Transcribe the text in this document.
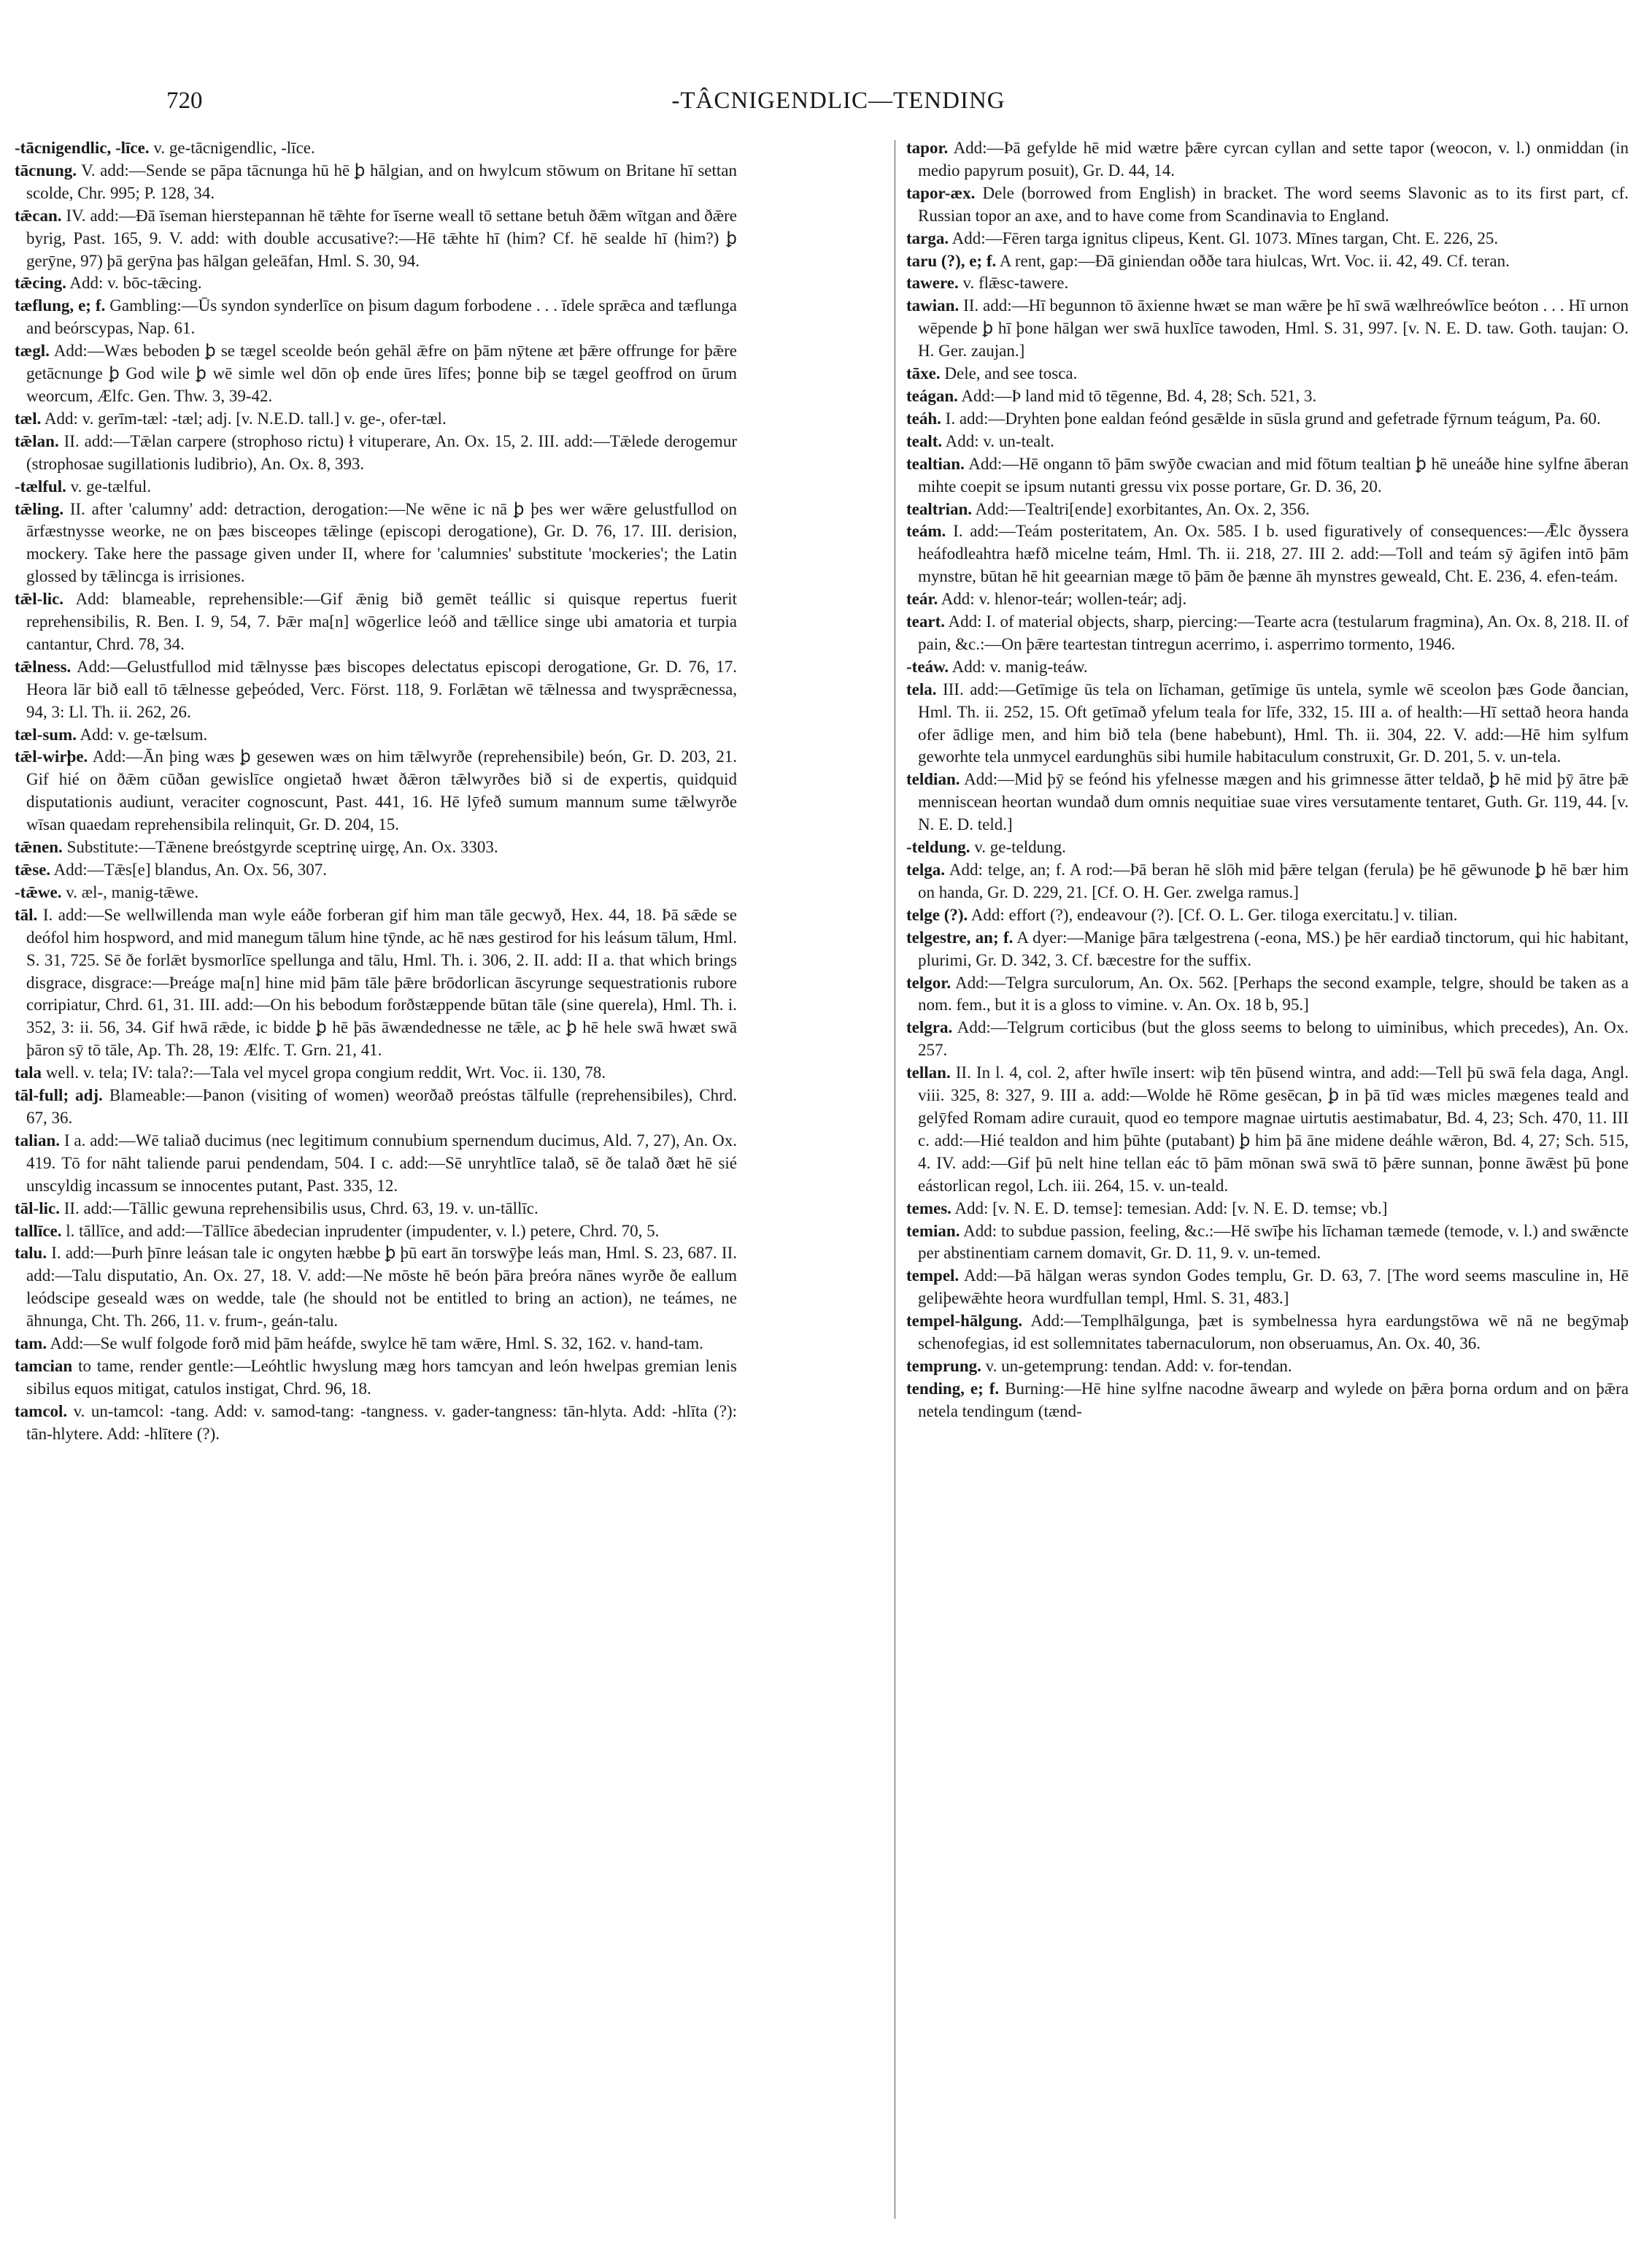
720	-TÂCNIGENDLIC—TENDING

-tācnigendlic, -līce. v. ge-tācnigendlic, -līce.

tācnung. V. add:—Sende se pāpa tācnunga hū hē ꝧ hālgian, and on hwylcum stōwum on Britane hī settan scolde, Chr. 995; P. 128, 34.

tǣcan. IV. add:—Ðā īseman hierstepannan hē tǣhte for īserne weall tō settane betuh ðǣm wītgan and ðǣre byrig, Past. 165, 9. V. add: with double accusative?:—Hē tǣhte hī (him? Cf. hē sealde hī (him?) ꝧ gerȳne, 97) þā gerȳna þas hālgan geleāfan, Hml. S. 30, 94.

tǣcing. Add: v. bōc-tǣcing.

tæflung, e; f. Gambling:—Ūs syndon synderlīce on þisum dagum forbodene . . . īdele sprǣca and tæflunga and beórscypas, Nap. 61.

tægl. Add:—Wæs beboden ꝧ se tægel sceolde beón gehāl ǣfre on þām nȳtene æt þǣre offrunge for þǣre getācnunge ꝧ God wile ꝧ wē simle wel dōn oþ ende ūres līfes; þonne biþ se tægel geoffrod on ūrum weorcum, Ælfc. Gen. Thw. 3, 39-42.

tæl. Add: v. gerīm-tæl: -tæl; adj. [v. N.E.D. tall.] v. ge-, ofer-tæl.

tǣlan. II. add:—Tǣlan carpere (strophoso rictu) ł vituperare, An. Ox. 15, 2. III. add:—Tǣlede derogemur (strophosae sugillationis ludibrio), An. Ox. 8, 393.

-tælful. v. ge-tælful.

tǣling. II. after 'calumny' add: detraction, derogation:—Ne wēne ic nā ꝧ þes wer wǣre gelustfullod on ārfæstnysse weorke, ne on þæs bisceopes tǣlinge (episcopi derogatione), Gr. D. 76, 17. III. derision, mockery. Take here the passage given under II, where for 'calumnies' substitute 'mockeries'; the Latin glossed by tǣlincga is irrisiones.

tǣl-lic. Add: blameable, reprehensible:—Gif ǣnig bið gemēt teállic si quisque repertus fuerit reprehensibilis, R. Ben. I. 9, 54, 7. Þǣr ma[n] wōgerlice leóð and tǣllice singe ubi amatoria et turpia cantantur, Chrd. 78, 34.

tǣlness. Add:—Gelustfullod mid tǣlnysse þæs biscopes delectatus episcopi derogatione, Gr. D. 76, 17. Heora lār bið eall tō tǣlnesse geþeóded, Verc. Först. 118, 9. Forlǣtan wē tǣlnessa and twysprǣcnessa, 94, 3: Ll. Th. ii. 262, 26.

tæl-sum. Add: v. ge-tælsum.

tǣl-wirþe. Add:—Ān þing wæs ꝧ gesewen wæs on him tǣlwyrðe (reprehensibile) beón, Gr. D. 203, 21. Gif hié on ðǣm cūðan gewislīce ongietað hwæt ðǣron tǣlwyrðes bið si de expertis, quidquid disputationis audiunt, veraciter cognoscunt, Past. 441, 16. Hē lȳfeð sumum mannum sume tǣlwyrðe wīsan quaedam reprehensibila relinquit, Gr. D. 204, 15.

tǣnen. Substitute:—Tǣnene breóstgyrde sceptrinę uirgę, An. Ox. 3303.

tǣse. Add:—Tǣs[e] blandus, An. Ox. 56, 307.

-tǣwe. v. æl-, manig-tǣwe.

tāl. I. add:—Se wellwillenda man wyle eáðe forberan gif him man tāle gecwyð, Hex. 44, 18. Þā sǣde se deófol him hospword, and mid manegum tālum hine tȳnde, ac hē næs gestirod for his leásum tālum, Hml. S. 31, 725. Sē ðe forlǣt bysmorlīce spellunga and tālu, Hml. Th. i. 306, 2. II. add: II a. that which brings disgrace, disgrace:—Þreáge ma[n] hine mid þām tāle þǣre brōdorlican āscyrunge sequestrationis rubore corripiatur, Chrd. 61, 31. III. add:—On his bebodum forðstæppende būtan tāle (sine querela), Hml. Th. i. 352, 3: ii. 56, 34. Gif hwā rǣde, ic bidde ꝧ hē þās āwændednesse ne tǣle, ac ꝧ hē hele swā hwæt swā þāron sȳ tō tāle, Ap. Th. 28, 19: Ælfc. T. Grn. 21, 41.

tala well. v. tela; IV: tala?:—Tala vel mycel gropa congium reddit, Wrt. Voc. ii. 130, 78.

tāl-full; adj. Blameable:—Þanon (visiting of women) weorðað preóstas tālfulle (reprehensibiles), Chrd. 67, 36.

talian. I a. add:—Wē taliað ducimus (nec legitimum connubium spernendum ducimus, Ald. 7, 27), An. Ox. 419. Tō for nāht taliende parui pendendam, 504. I c. add:—Sē unryhtlīce talað, sē ðe talað ðæt hē sié unscyldig incassum se innocentes putant, Past. 335, 12.

tāl-lic. II. add:—Tāllic gewuna reprehensibilis usus, Chrd. 63, 19. v. un-tāllīc.

tallīce. l. tāllīce, and add:—Tāllīce ābedecian inprudenter (impudenter, v. l.) petere, Chrd. 70, 5.

talu. I. add:—Þurh þīnre leásan tale ic ongyten hæbbe ꝧ þū eart ān torswȳþe leás man, Hml. S. 23, 687. II. add:—Talu disputatio, An. Ox. 27, 18. V. add:—Ne mōste hē beón þāra þreóra nānes wyrðe ðe eallum leódscipe geseald wæs on wedde, tale (he should not be entitled to bring an action), ne teámes, ne āhnunga, Cht. Th. 266, 11. v. frum-, geán-talu.

tam. Add:—Se wulf folgode forð mid þām heáfde, swylce hē tam wǣre, Hml. S. 32, 162. v. hand-tam.

tamcian to tame, render gentle:—Leóhtlic hwyslung mæg hors tamcyan and león hwelpas gremian lenis sibilus equos mitigat, catulos instigat, Chrd. 96, 18.

tamcol. v. un-tamcol: -tang. Add: v. samod-tang: -tangness. v. gader-tangness: tān-hlyta. Add: -hlīta (?): tān-hlytere. Add: -hlītere (?).

tapor. Add:—Þā gefylde hē mid wætre þǣre cyrcan cyllan and sette tapor (weocon, v. l.) onmiddan (in medio papyrum posuit), Gr. D. 44, 14.

tapor-æx. Dele (borrowed from English) in bracket. The word seems Slavonic as to its first part, cf. Russian topor an axe, and to have come from Scandinavia to England.

targa. Add:—Fēren targa ignitus clipeus, Kent. Gl. 1073. Mīnes targan, Cht. E. 226, 25.

taru (?), e; f. A rent, gap:—Ðā giniendan oððe tara hiulcas, Wrt. Voc. ii. 42, 49. Cf. teran.

tawere. v. flǣsc-tawere.

tawian. II. add:—Hī begunnon tō āxienne hwæt se man wǣre þe hī swā wælhreówlīce beóton . . . Hī urnon wēpende ꝧ hī þone hālgan wer swā huxlīce tawoden, Hml. S. 31, 997. [v. N. E. D. taw. Goth. taujan: O. H. Ger. zaujan.]

tāxe. Dele, and see tosca.

teágan. Add:—Þ land mid tō tēgenne, Bd. 4, 28; Sch. 521, 3.

teáh. I. add:—Dryhten þone ealdan feónd gesǣlde in sūsla grund and gefetrade fȳrnum teágum, Pa. 60.

tealt. Add: v. un-tealt.

tealtian. Add:—Hē ongann tō þām swȳðe cwacian and mid fōtum tealtian ꝧ hē uneáðe hine sylfne āberan mihte coepit se ipsum nutanti gressu vix posse portare, Gr. D. 36, 20.

tealtrian. Add:—Tealtri[ende] exorbitantes, An. Ox. 2, 356.

teám. I. add:—Teám posteritatem, An. Ox. 585. I b. used figuratively of consequences:—Ǣlc ðyssera heáfodleahtra hæfð micelne teám, Hml. Th. ii. 218, 27. III 2. add:—Toll and teám sȳ āgifen intō þām mynstre, būtan hē hit geearnian mæge tō þām ðe þænne āh mynstres geweald, Cht. E. 236, 4. efen-teám.

teár. Add: v. hlenor-teár; wollen-teár; adj.

teart. Add: I. of material objects, sharp, piercing:—Tearte acra (testularum fragmina), An. Ox. 8, 218. II. of pain, &c.:—On þǣre teartestan tintregun acerrimo, i. asperrimo tormento, 1946.

-teáw. Add: v. manig-teáw.

tela. III. add:—Getīmige ūs tela on līchaman, getīmige ūs untela, symle wē sceolon þæs Gode ðancian, Hml. Th. ii. 252, 15. Oft getīmað yfelum teala for līfe, 332, 15. III a. of health:—Hī settað heora handa ofer ādlige men, and him bið tela (bene habebunt), Hml. Th. ii. 304, 22. V. add:—Hē him sylfum geworhte tela unmycel eardunghūs sibi humile habitaculum construxit, Gr. D. 201, 5. v. un-tela.

teldian. Add:—Mid þȳ se feónd his yfelnesse mægen and his grimnesse ātter teldað, ꝧ hē mid þȳ ātre þǣ menniscean heortan wundað dum omnis nequitiae suae vires versutamente tentaret, Guth. Gr. 119, 44. [v. N. E. D. teld.]

-teldung. v. ge-teldung.

telga. Add: telge, an; f. A rod:—Þā beran hē slōh mid þǣre telgan (ferula) þe hē gēwunode ꝧ hē bær him on handa, Gr. D. 229, 21. [Cf. O. H. Ger. zwelga ramus.]

telge (?). Add: effort (?), endeavour (?). [Cf. O. L. Ger. tiloga exercitatu.] v. tilian.

telgestre, an; f. A dyer:—Manige þāra tælgestrena (-eona, MS.) þe hēr eardiað tinctorum, qui hic habitant, plurimi, Gr. D. 342, 3. Cf. bæcestre for the suffix.

telgor. Add:—Telgra surculorum, An. Ox. 562. [Perhaps the second example, telgre, should be taken as a nom. fem., but it is a gloss to vimine. v. An. Ox. 18 b, 95.]

telgra. Add:—Telgrum corticibus (but the gloss seems to belong to uiminibus, which precedes), An. Ox. 257.

tellan. II. In l. 4, col. 2, after hwīle insert: wiþ tēn þūsend wintra, and add:—Tell þū swā fela daga, Angl. viii. 325, 8: 327, 9. III a. add:—Wolde hē Rōme gesēcan, ꝧ in þā tīd wæs micles mægenes teald and gelȳfed Romam adire curauit, quod eo tempore magnae uirtutis aestimabatur, Bd. 4, 23; Sch. 470, 11. III c. add:—Hié tealdon and him þūhte (putabant) ꝧ him þā āne midene deáhle wǣron, Bd. 4, 27; Sch. 515, 4. IV. add:—Gif þū nelt hine tellan eác tō þām mōnan swā swā tō þǣre sunnan, þonne āwǣst þū þone eástorlican regol, Lch. iii. 264, 15. v. un-teald.

temes. Add: [v. N. E. D. temse]: temesian. Add: [v. N. E. D. temse; vb.]

temian. Add: to subdue passion, feeling, &c.:—Hē swīþe his līchaman tæmede (temode, v. l.) and swǣncte per abstinentiam carnem domavit, Gr. D. 11, 9. v. un-temed.

tempel. Add:—Þā hālgan weras syndon Godes templu, Gr. D. 63, 7. [The word seems masculine in, Hē geliþewǣhte heora wurdfullan templ, Hml. S. 31, 483.]

tempel-hālgung. Add:—Templhālgunga, þæt is symbelnessa hyra eardungstōwa wē nā ne begȳmaþ schenofegias, id est sollemnitates tabernaculorum, non obseruamus, An. Ox. 40, 36.

temprung. v. un-getemprung: tendan. Add: v. for-tendan.

tending, e; f. Burning:—Hē hine sylfne nacodne āwearp and wylede on þǣra þorna ordum and on þǣra netela tendingum (tænd-
